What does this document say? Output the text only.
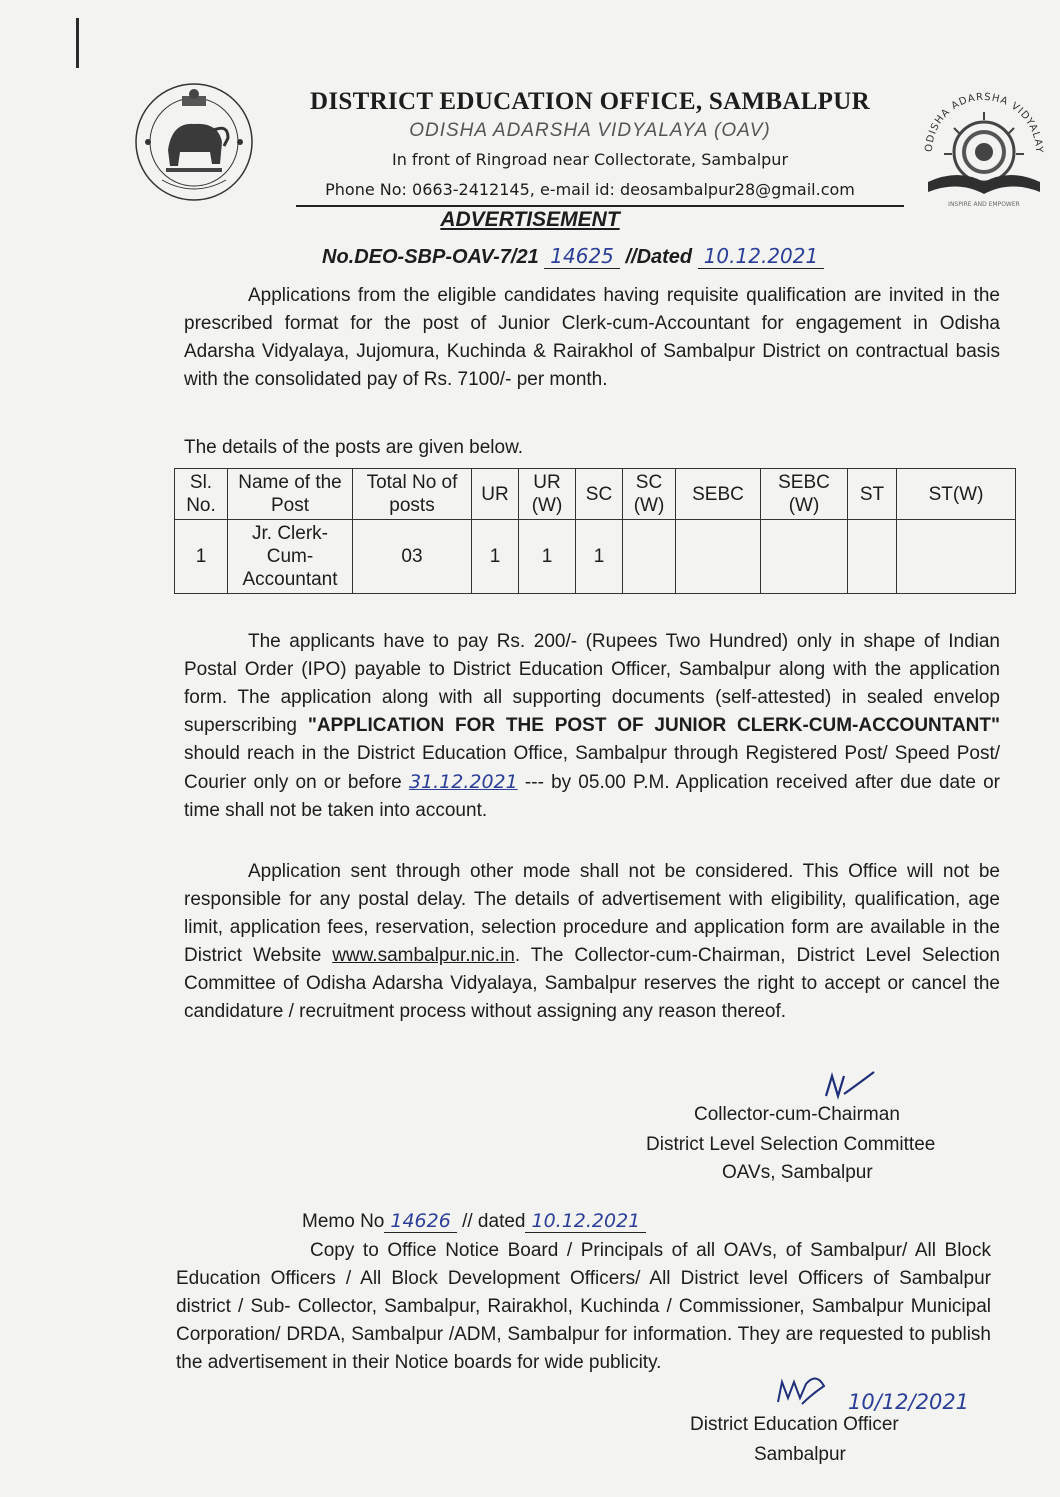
ODISHA ADARSHA VIDYALAY
INSPIRE AND EMPOWER
DISTRICT EDUCATION OFFICE, SAMBALPUR
ODISHA ADARSHA VIDYALAYA (OAV)
In front of Ringroad near Collectorate, Sambalpur
Phone No: 0663-2412145, e-mail id: deosambalpur28@gmail.com
ADVERTISEMENT
No.DEO-SBP-OAV-7/21 14625 //Dated 10.12.2021
Applications from the eligible candidates having requisite qualification are invited in the prescribed format for the post of Junior Clerk-cum-Accountant for engagement in Odisha Adarsha Vidyalaya, Jujomura, Kuchinda & Rairakhol of Sambalpur District on contractual basis with the consolidated pay of Rs. 7100/- per month.
The details of the posts are given below.
Sl. No.	Name of the Post	Total No of posts	UR	UR (W)	SC	SC (W)	SEBC	SEBC (W)	ST	ST(W)
1	Jr. Clerk-Cum-Accountant	03	1	1	1					
The applicants have to pay Rs. 200/- (Rupees Two Hundred) only in shape of Indian Postal Order (IPO) payable to District Education Officer, Sambalpur along with the application form. The application along with all supporting documents (self-attested) in sealed envelop superscribing "APPLICATION FOR THE POST OF JUNIOR CLERK-CUM-ACCOUNTANT" should reach in the District Education Office, Sambalpur through Registered Post/ Speed Post/ Courier only on or before 31.12.2021 --- by 05.00 P.M. Application received after due date or time shall not be taken into account.
Application sent through other mode shall not be considered. This Office will not be responsible for any postal delay. The details of advertisement with eligibility, qualification, age limit, application fees, reservation, selection procedure and application form are available in the District Website www.sambalpur.nic.in. The Collector-cum-Chairman, District Level Selection Committee of Odisha Adarsha Vidyalaya, Sambalpur reserves the right to accept or cancel the candidature / recruitment process without assigning any reason thereof.
Collector-cum-Chairman
District Level Selection Committee
OAVs, Sambalpur
Memo No 14626 // dated 10.12.2021
Copy to Office Notice Board / Principals of all OAVs, of Sambalpur/ All Block Education Officers / All Block Development Officers/ All District level Officers of Sambalpur district / Sub- Collector, Sambalpur, Rairakhol, Kuchinda / Commissioner, Sambalpur Municipal Corporation/ DRDA, Sambalpur /ADM, Sambalpur for information. They are requested to publish the advertisement in their Notice boards for wide publicity.
10/12/2021
District Education Officer
Sambalpur
